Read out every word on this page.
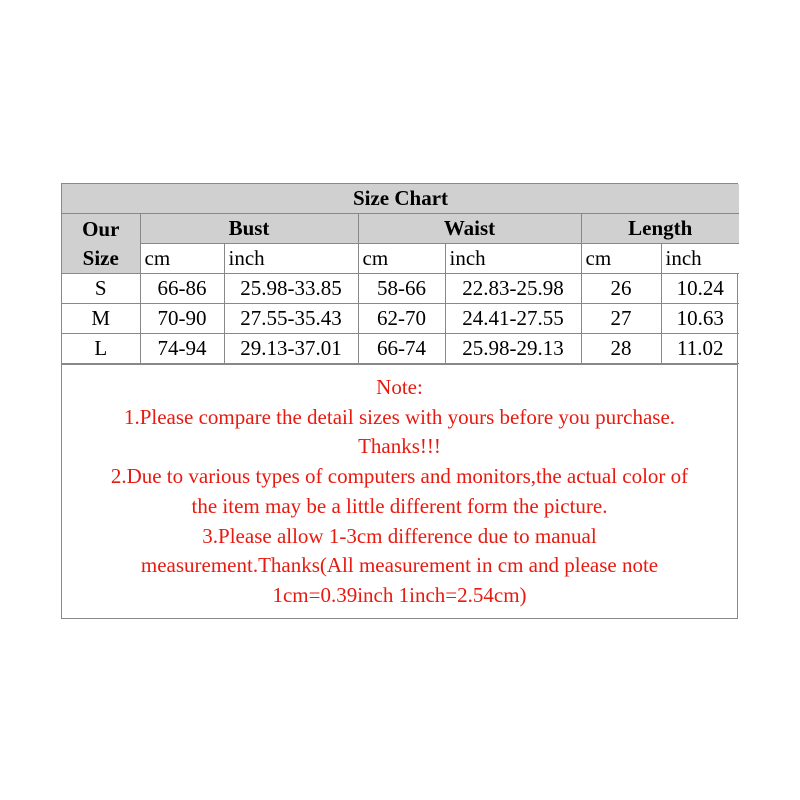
Size Chart						
Our
Size	Bust		Waist		Length	
	cm	inch	cm	inch	cm	inch
S	66-86	25.98-33.85	58-66	22.83-25.98	26	10.24
M	70-90	27.55-35.43	62-70	24.41-27.55	27	10.63
L	74-94	29.13-37.01	66-74	25.98-29.13	28	11.02
Note:
1.Please compare the detail sizes with yours before you purchase.
Thanks!!!
2.Due to various types of computers and monitors,the actual color of
the item may be a little different form the picture.
3.Please allow 1-3cm difference due to manual
measurement.Thanks(All measurement in cm and please note
1cm=0.39inch 1inch=2.54cm)
